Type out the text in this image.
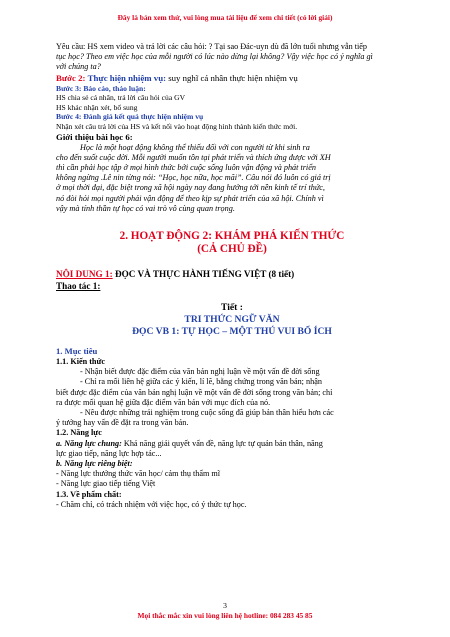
Đây là bản xem thử, vui lòng mua tài liệu để xem chi tiết (có lời giải)

Yêu cầu: HS xem video và trả lời các câu hỏi: ? Tại sao Đác-uyn dù đã lớn tuổi nhưng vẫn tiếp

tục học? Theo em việc học của mỗi người có lúc nào dừng lại không? Vậy việc học có ý nghĩa gì

với chúng ta?

Bước 2: Thực hiện nhiệm vụ: suy nghĩ cá nhân thực hiện nhiệm vụ

Bước 3: Báo cáo, thảo luận:

HS chia sẻ cá nhân, trả lời câu hỏi của GV

HS khác nhận xét, bổ sung

Bước 4: Đánh giá kết quả thực hiện nhiệm vụ

Nhận xét câu trả lời của HS và kết nối vào hoạt động hình thành kiến thức mới.

Giới thiệu bài học 6:

Học là một hoạt động không thể thiếu đối với con người từ khi sinh ra

cho đến suốt cuộc đời. Mỗi người muốn tồn tại phát triển và thích ứng được với XH

thì cần phải học tập ở mọi hình thức bởi cuộc sống luôn vận động và phát triển

không ngừng .Lê nin từng nói: “Học, học nữa, học mãi”. Câu nói đó luôn có giá trị

ở mọi thời đại, đặc biệt trong xã hội ngày nay đang hướng tới nền kinh tế trí thức,

nó đòi hỏi mọi người phải vận động để theo kịp sự phát triển của xã hội. Chính vì

vậy mà tính thần tự học có vai trò vô cùng quan trọng.

2. HOẠT ĐỘNG 2: KHÁM PHÁ KIẾN THỨC

(CẢ CHỦ ĐỀ)

NỘI DUNG 1: ĐỌC VÀ THỰC HÀNH TIẾNG VIỆT (8 tiết)

Thao tác 1:

Tiết :

TRI THỨC NGỮ VĂN

ĐỌC VB 1: TỰ HỌC – MỘT THÚ VUI BỔ ÍCH

1. Mục tiêu

1.1. Kiến thức

- Nhận biết được đặc điểm của văn bản nghị luận về một vấn đề đời sống

- Chỉ ra mối liên hệ giữa các ý kiến, lí lẽ, bằng chứng trong văn bản; nhận

biết được đặc điểm của văn bản nghị luận về một vấn đề đời sống trong văn bản; chỉ

ra được mối quan hệ giữa đặc điểm văn bản với mục đích của nó.

- Nêu được những trải nghiệm trong cuộc sống đã giúp bản thân hiểu hơn các

ý tưởng hay vấn đề đặt ra trong văn bản.

1.2. Năng lực

a. Năng lực chung: Khả năng giải quyết vấn đề, năng lực tự quản bản thân, năng

lực giao tiếp, năng lực hợp tác...

b. Năng lực riêng biệt:

- Năng lực thưởng thức văn học/ cảm thụ thẩm mĩ

- Năng lực giao tiếp tiếng Việt

1.3. Về phẩm chất:

- Chăm chỉ, có trách nhiệm với việc học, có ý thức tự học.

3
Mọi thắc mắc xin vui lòng liên hệ hotline: 084 283 45 85
